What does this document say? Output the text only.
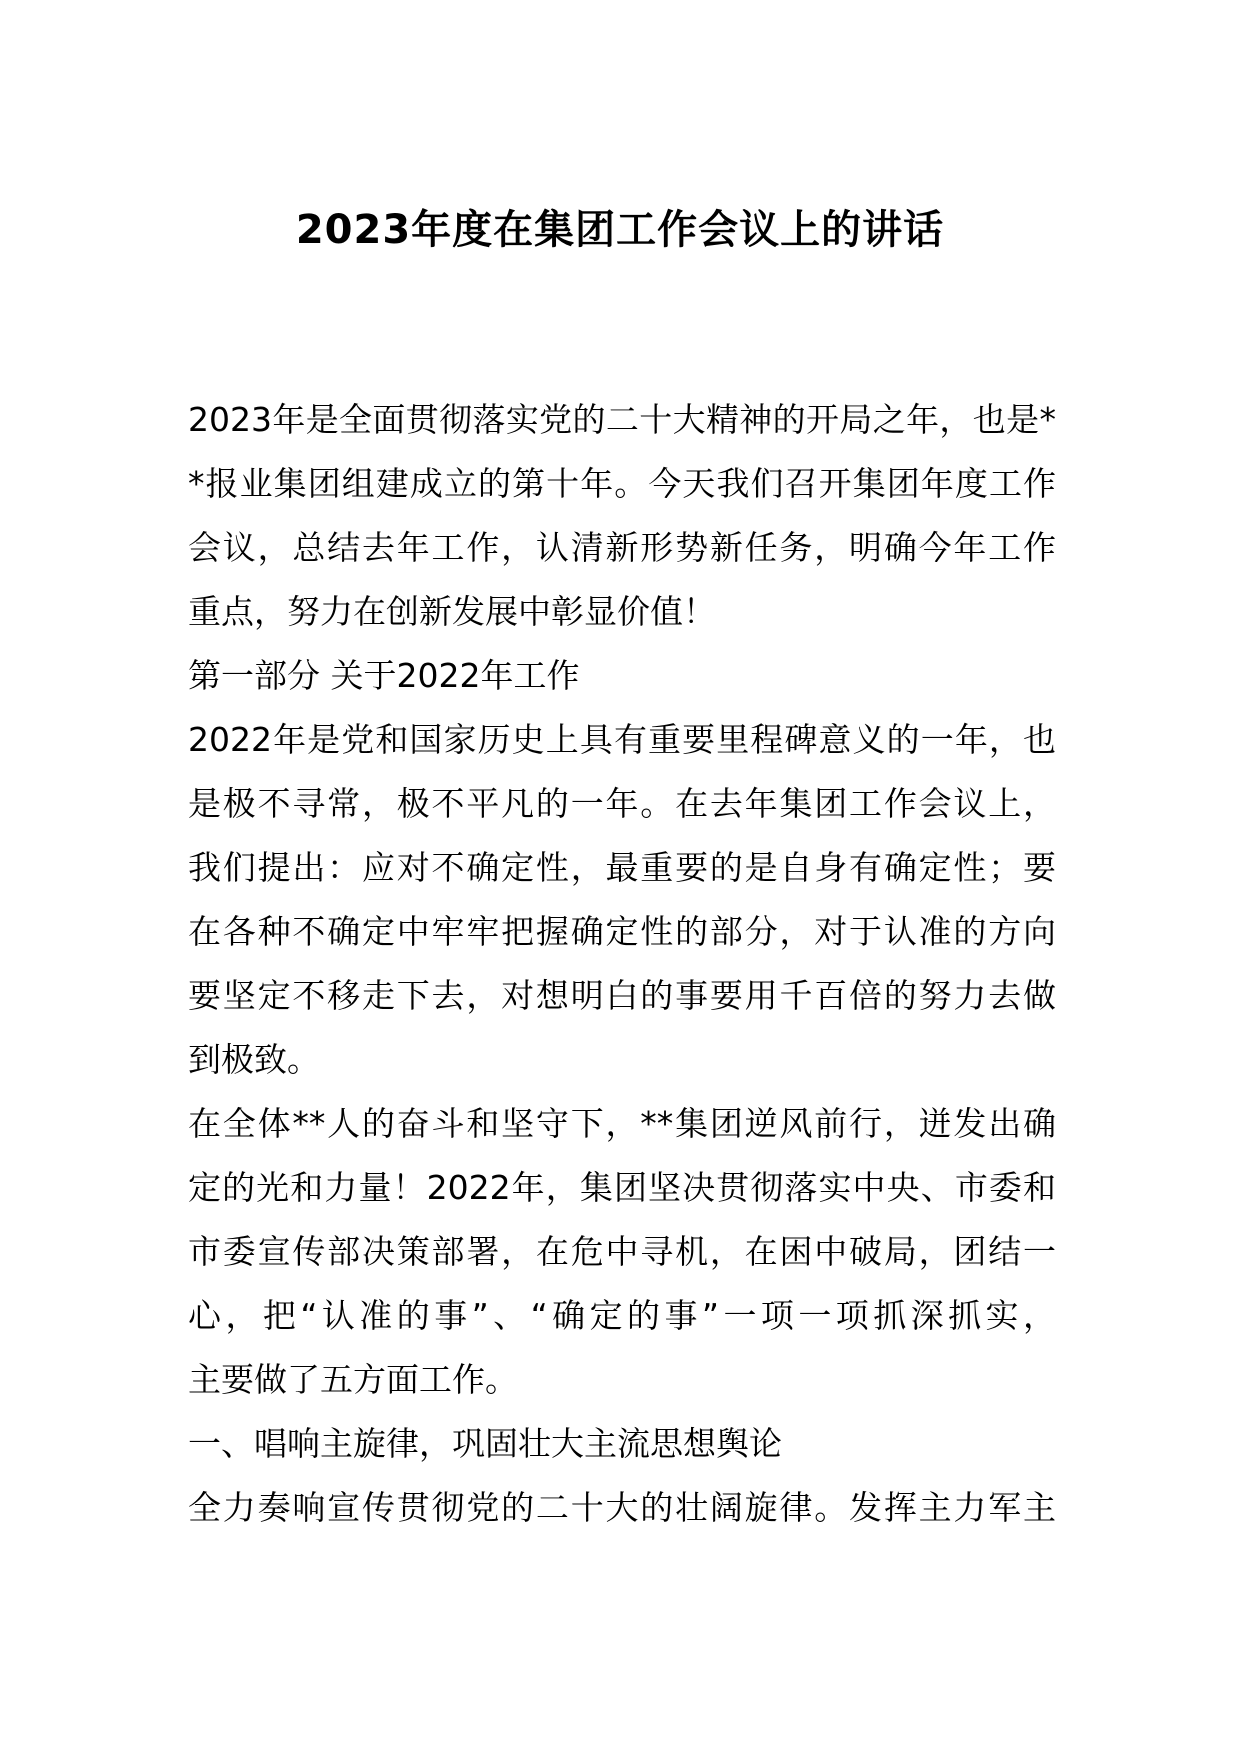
2023年度在集团工作会议上的讲话
2023年是全面贯彻落实党的二十大精神的开局之年，也是*
*报业集团组建成立的第十年。今天我们召开集团年度工作
会议，总结去年工作，认清新形势新任务，明确今年工作
重点，努力在创新发展中彰显价值！
第一部分 关于2022年工作
2022年是党和国家历史上具有重要里程碑意义的一年，也
是极不寻常，极不平凡的一年。在去年集团工作会议上，
我们提出：应对不确定性，最重要的是自身有确定性；要
在各种不确定中牢牢把握确定性的部分，对于认准的方向
要坚定不移走下去，对想明白的事要用千百倍的努力去做
到极致。
在全体**人的奋斗和坚守下，**集团逆风前行，迸发出确
定的光和力量！2022年，集团坚决贯彻落实中央、市委和
市委宣传部决策部署，在危中寻机，在困中破局，团结一
心，把“认准的事”、“确定的事”一项一项抓深抓实，
主要做了五方面工作。
一、唱响主旋律，巩固壮大主流思想舆论
全力奏响宣传贯彻党的二十大的壮阔旋律。发挥主力军主
